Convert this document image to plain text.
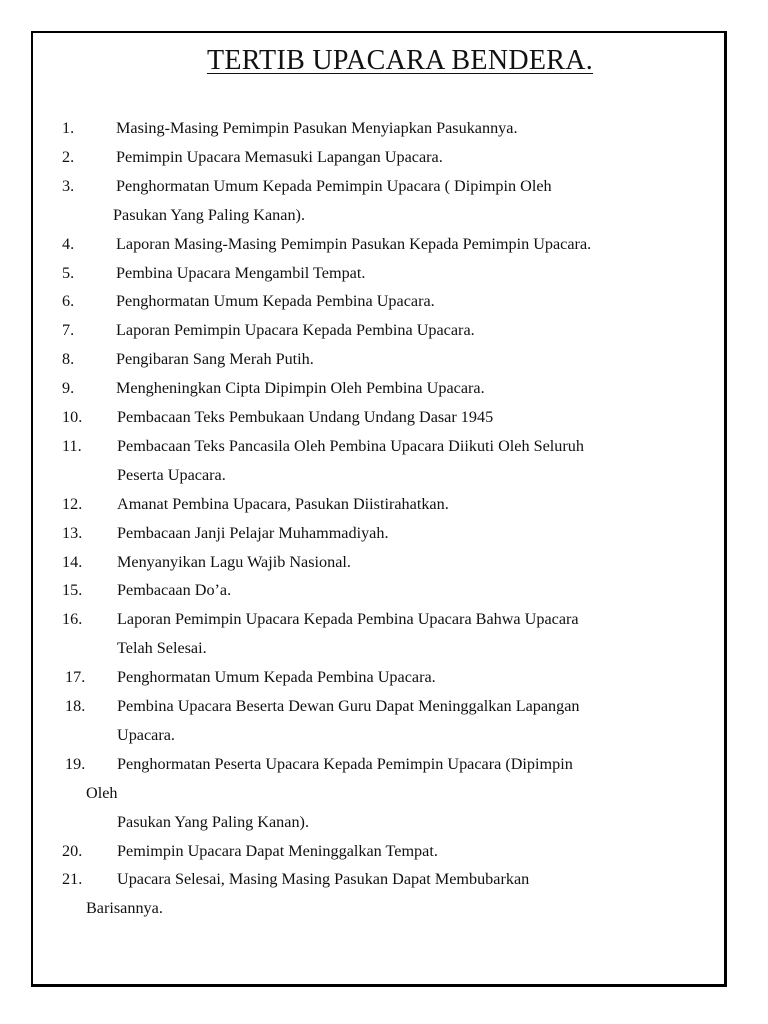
TERTIB UPACARA BENDERA.
1.	Masing-Masing Pemimpin Pasukan Menyiapkan Pasukannya.
2.	Pemimpin Upacara Memasuki Lapangan Upacara.
3.	Penghormatan Umum Kepada Pemimpin Upacara ( Dipimpin Oleh
Pasukan Yang Paling Kanan).
4.	Laporan Masing-Masing Pemimpin Pasukan Kepada Pemimpin Upacara.
5.	Pembina Upacara Mengambil Tempat.
6.	Penghormatan Umum Kepada Pembina Upacara.
7.	Laporan Pemimpin Upacara Kepada Pembina Upacara.
8.	Pengibaran Sang Merah Putih.
9.	Mengheningkan Cipta Dipimpin Oleh Pembina Upacara.
10. Pembacaan Teks Pembukaan Undang Undang Dasar 1945
11. Pembacaan Teks Pancasila Oleh Pembina Upacara Diikuti Oleh Seluruh
Peserta Upacara.
12. Amanat Pembina Upacara, Pasukan Diistirahatkan.
13. Pembacaan Janji Pelajar Muhammadiyah.
14. Menyanyikan Lagu Wajib Nasional.
15. Pembacaan Do’a.
16. Laporan Pemimpin Upacara Kepada Pembina Upacara Bahwa Upacara
Telah Selesai.
17. Penghormatan Umum Kepada Pembina Upacara.
18. Pembina Upacara Beserta Dewan Guru Dapat Meninggalkan Lapangan
Upacara.
19. Penghormatan Peserta Upacara Kepada Pemimpin Upacara (Dipimpin
Oleh
Pasukan Yang Paling Kanan).
20. Pemimpin Upacara Dapat Meninggalkan Tempat.
21. Upacara Selesai, Masing Masing Pasukan Dapat Membubarkan
Barisannya.
